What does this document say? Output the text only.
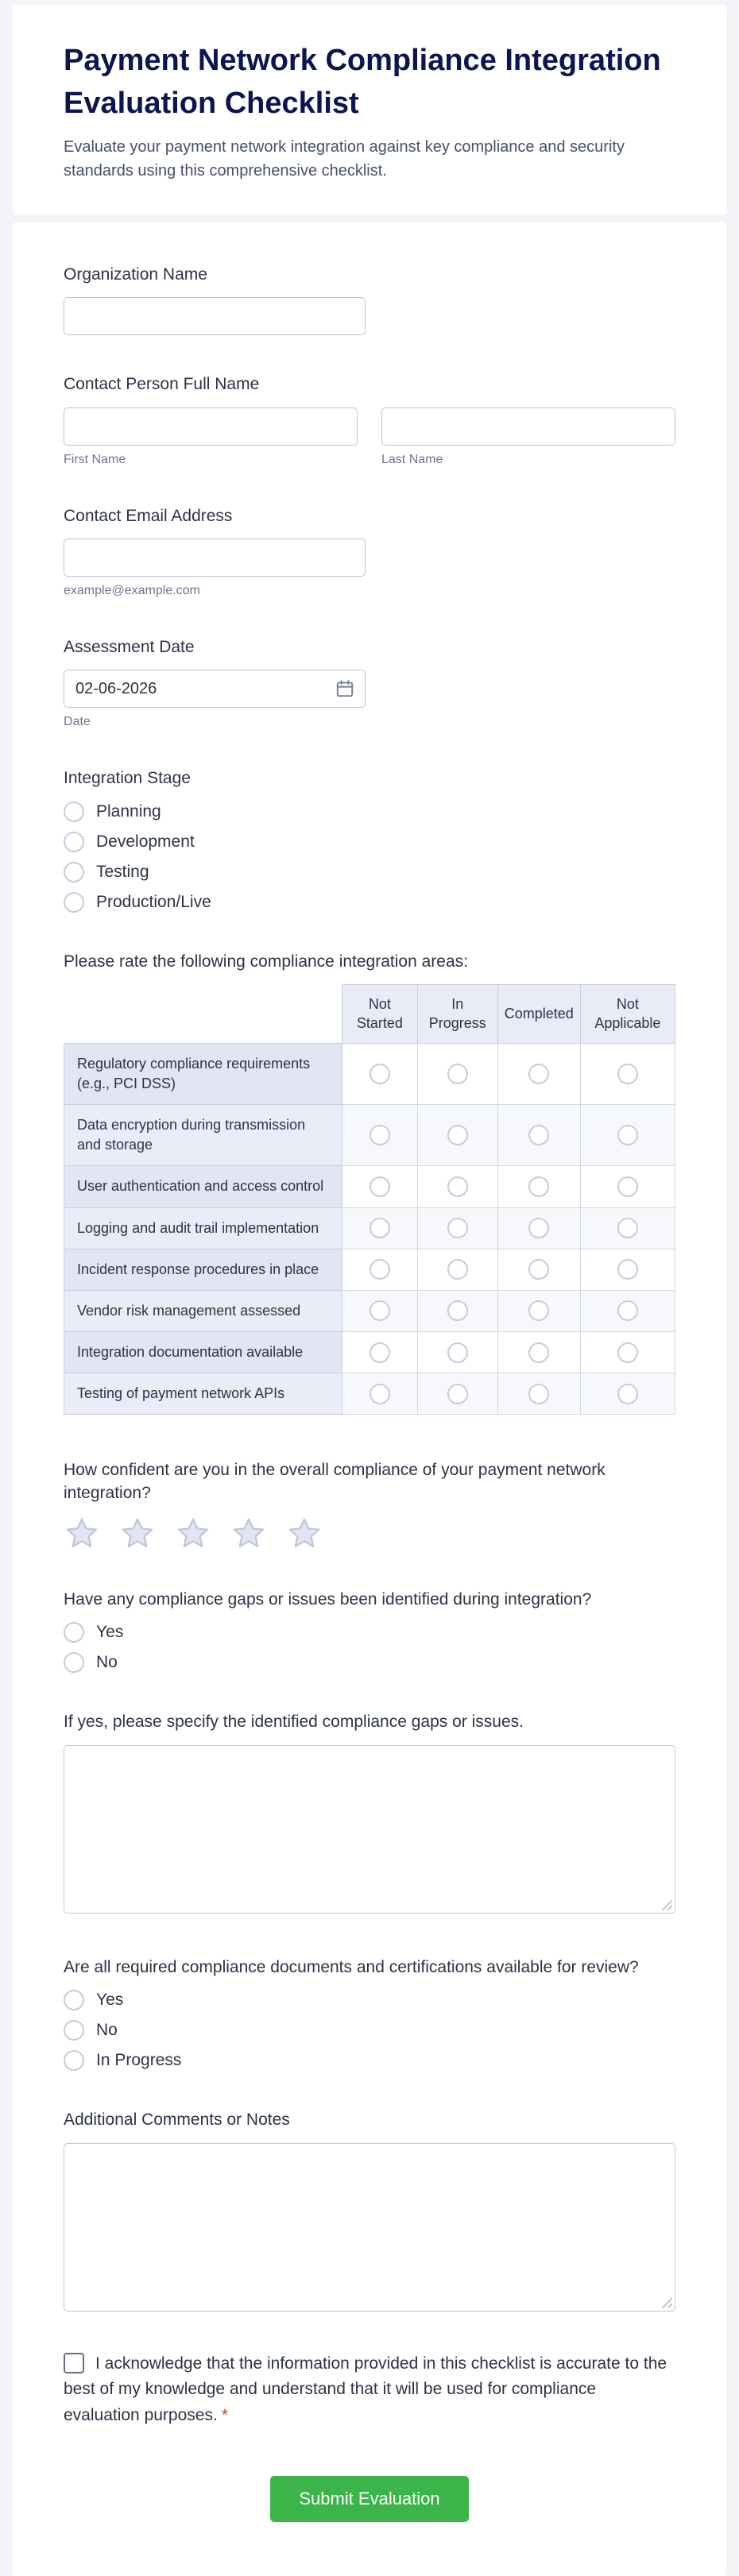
Payment Network Compliance Integration Evaluation Checklist

Evaluate your payment network integration against key compliance and security standards using this comprehensive checklist.

Organization Name
Contact Person Full Name
First Name	Last Name
Contact Email Address
example@example.com
Assessment Date
02-06-2026
Date
Integration Stage
Planning
Development
Testing
Production/Live
Please rate the following compliance integration areas:
	Not Started	In Progress	Completed	Not Applicable
Regulatory compliance requirements (e.g., PCI DSS)				
Data encryption during transmission and storage				
User authentication and access control				
Logging and audit trail implementation				
Incident response procedures in place				
Vendor risk management assessed				
Integration documentation available				
Testing of payment network APIs				
How confident are you in the overall compliance of your payment network integration?
Have any compliance gaps or issues been identified during integration?
Yes
No
If yes, please specify the identified compliance gaps or issues.
Are all required compliance documents and certifications available for review?
Yes
No
In Progress
Additional Comments or Notes

I acknowledge that the information provided in this checklist is accurate to the best of my knowledge and understand that it will be used for compliance evaluation purposes. *

Submit Evaluation
